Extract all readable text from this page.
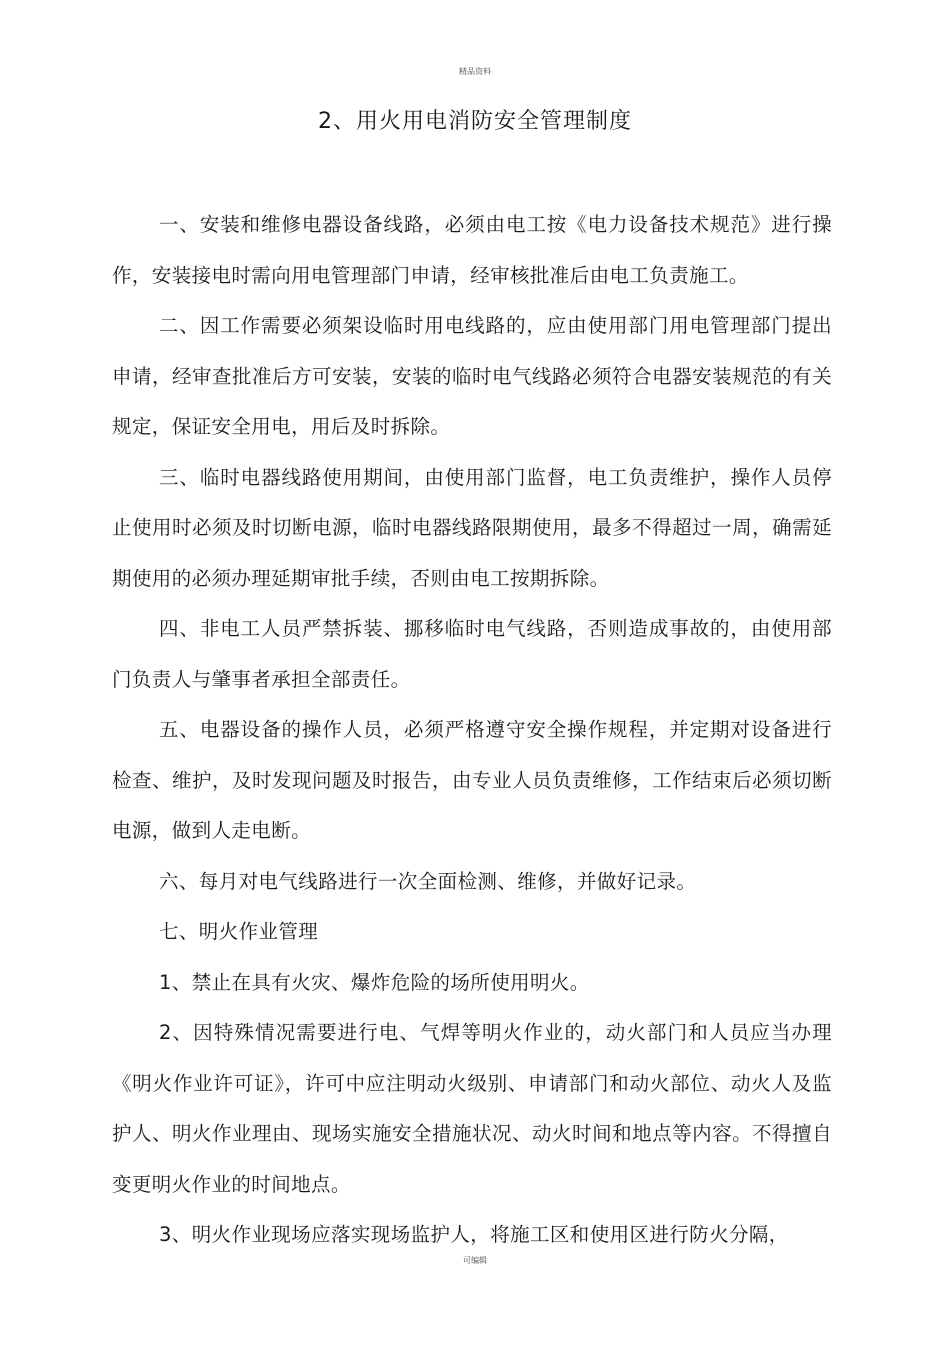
精品资料
2、用火用电消防安全管理制度

一、安装和维修电器设备线路，必须由电工按《电力设备技术规范》进行操作，安装接电时需向用电管理部门申请，经审核批准后由电工负责施工。

二、因工作需要必须架设临时用电线路的，应由使用部门用电管理部门提出申请，经审查批准后方可安装，安装的临时电气线路必须符合电器安装规范的有关规定，保证安全用电，用后及时拆除。

三、临时电器线路使用期间，由使用部门监督，电工负责维护，操作人员停止使用时必须及时切断电源，临时电器线路限期使用，最多不得超过一周，确需延期使用的必须办理延期审批手续，否则由电工按期拆除。

四、非电工人员严禁拆装、挪移临时电气线路，否则造成事故的，由使用部门负责人与肇事者承担全部责任。

五、电器设备的操作人员，必须严格遵守安全操作规程，并定期对设备进行检查、维护，及时发现问题及时报告，由专业人员负责维修，工作结束后必须切断电源，做到人走电断。

六、每月对电气线路进行一次全面检测、维修，并做好记录。

七、明火作业管理

1、禁止在具有火灾、爆炸危险的场所使用明火。

2、因特殊情况需要进行电、气焊等明火作业的，动火部门和人员应当办理《明火作业许可证》，许可中应注明动火级别、申请部门和动火部位、动火人及监护人、明火作业理由、现场实施安全措施状况、动火时间和地点等内容。不得擅自变更明火作业的时间地点。

3、明火作业现场应落实现场监护人，将施工区和使用区进行防火分隔，

可编辑
